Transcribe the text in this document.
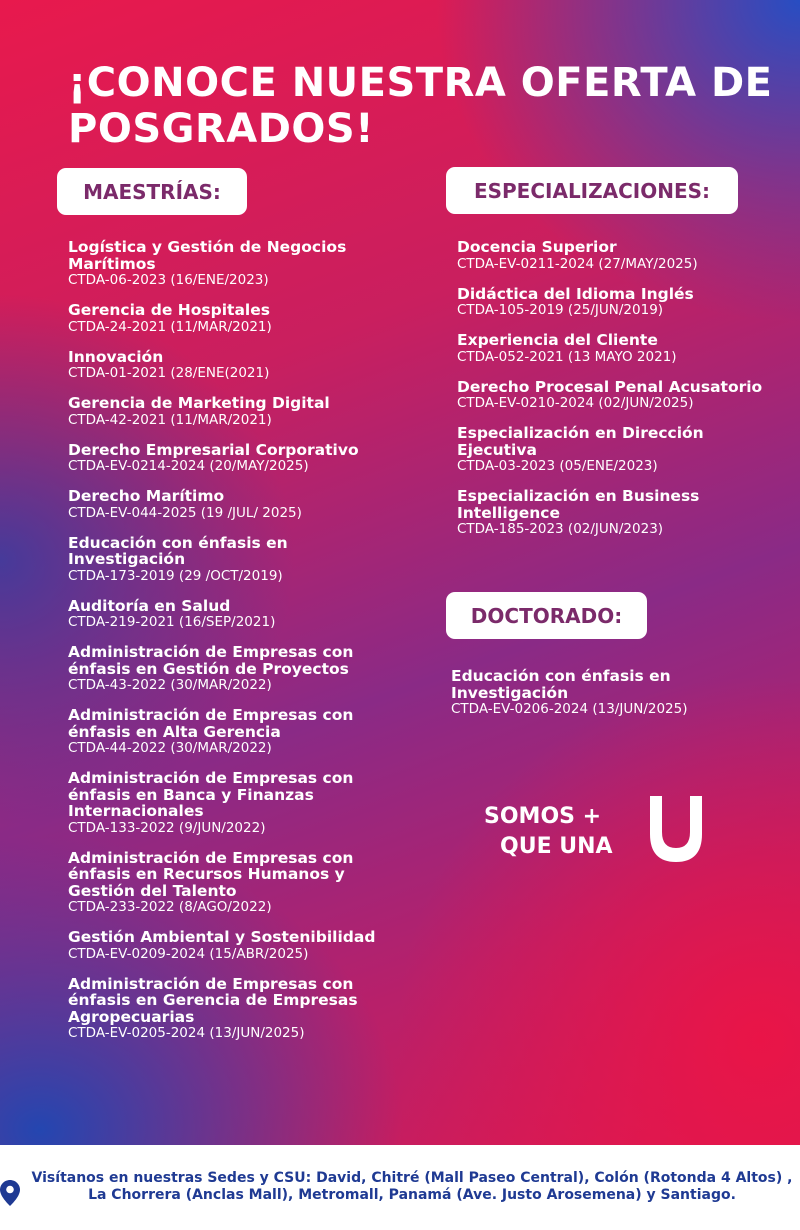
¡CONOCE NUESTRA OFERTA DE POSGRADOS!
MAESTRÍAS:
Logística y Gestión de Negocios Marítimos
CTDA-06-2023 (16/ENE/2023)
Gerencia de Hospitales
CTDA-24-2021 (11/MAR/2021)
Innovación
CTDA-01-2021 (28/ENE(2021)
Gerencia de Marketing Digital
CTDA-42-2021 (11/MAR/2021)
Derecho Empresarial Corporativo
CTDA-EV-0214-2024 (20/MAY/2025)
Derecho Marítimo
CTDA-EV-044-2025 (19 /JUL/ 2025)
Educación con énfasis en Investigación
CTDA-173-2019 (29 /OCT/2019)
Auditoría en Salud
CTDA-219-2021 (16/SEP/2021)
Administración de Empresas con énfasis en Gestión de Proyectos
CTDA-43-2022 (30/MAR/2022)
Administración de Empresas con énfasis en Alta Gerencia
CTDA-44-2022 (30/MAR/2022)
Administración de Empresas con énfasis en Banca y Finanzas Internacionales
CTDA-133-2022 (9/JUN/2022)
Administración de Empresas con énfasis en Recursos Humanos y Gestión del Talento
CTDA-233-2022 (8/AGO/2022)
Gestión Ambiental y Sostenibilidad
CTDA-EV-0209-2024 (15/ABR/2025)
Administración de Empresas con énfasis en Gerencia de Empresas Agropecuarias
CTDA-EV-0205-2024 (13/JUN/2025)
ESPECIALIZACIONES:
Docencia Superior
CTDA-EV-0211-2024 (27/MAY/2025)
Didáctica del Idioma Inglés
CTDA-105-2019 (25/JUN/2019)
Experiencia del Cliente
CTDA-052-2021 (13 MAYO 2021)
Derecho Procesal Penal Acusatorio
CTDA-EV-0210-2024 (02/JUN/2025)
Especialización en Dirección Ejecutiva
CTDA-03-2023 (05/ENE/2023)
Especialización en Business Intelligence
CTDA-185-2023 (02/JUN/2023)
DOCTORADO:
Educación con énfasis en Investigación
CTDA-EV-0206-2024 (13/JUN/2025)
SOMOS +
QUE UNA

Visítanos en nuestras Sedes y CSU: David, Chitré (Mall Paseo Central), Colón (Rotonda 4 Altos) , La Chorrera (Anclas Mall), Metromall, Panamá (Ave. Justo Arosemena) y Santiago.
